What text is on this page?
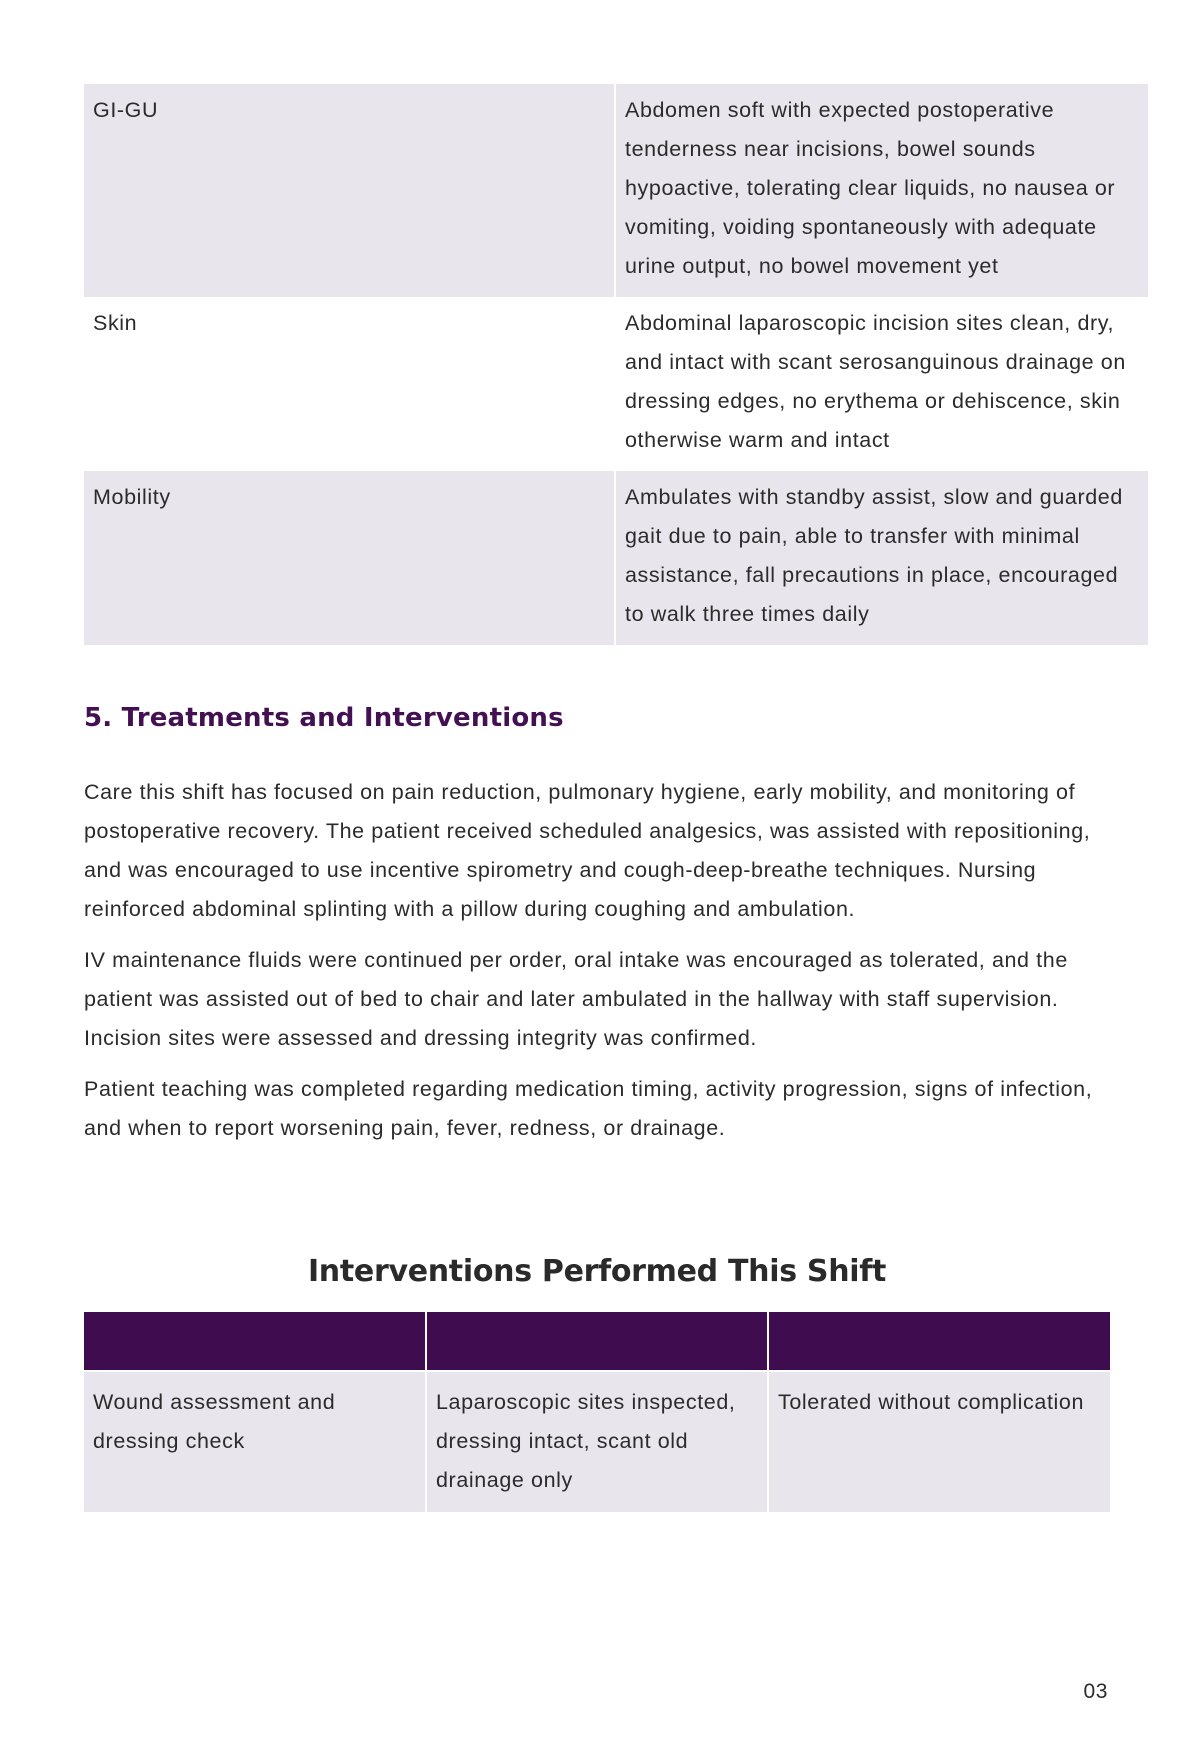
GI-GU	Abdomen soft with expected postoperative tenderness near incisions, bowel sounds hypoactive, tolerating clear liquids, no nausea or vomiting, voiding spontaneously with adequate urine output, no bowel movement yet
Skin	Abdominal laparoscopic incision sites clean, dry, and intact with scant serosanguinous drainage on dressing edges, no erythema or dehiscence, skin otherwise warm and intact
Mobility	Ambulates with standby assist, slow and guarded gait due to pain, able to transfer with minimal assistance, fall precautions in place, encouraged to walk three times daily
5. Treatments and Interventions

Care this shift has focused on pain reduction, pulmonary hygiene, early mobility, and monitoring of postoperative recovery. The patient received scheduled analgesics, was assisted with repositioning, and was encouraged to use incentive spirometry and cough-deep-breathe techniques. Nursing reinforced abdominal splinting with a pillow during coughing and ambulation.

IV maintenance fluids were continued per order, oral intake was encouraged as tolerated, and the patient was assisted out of bed to chair and later ambulated in the hallway with staff supervision. Incision sites were assessed and dressing integrity was confirmed.

Patient teaching was completed regarding medication timing, activity progression, signs of infection, and when to report worsening pain, fever, redness, or drainage.

Interventions Performed This Shift

Wound assessment and dressing check	Laparoscopic sites inspected, dressing intact, scant old drainage only	Tolerated without complication
03
